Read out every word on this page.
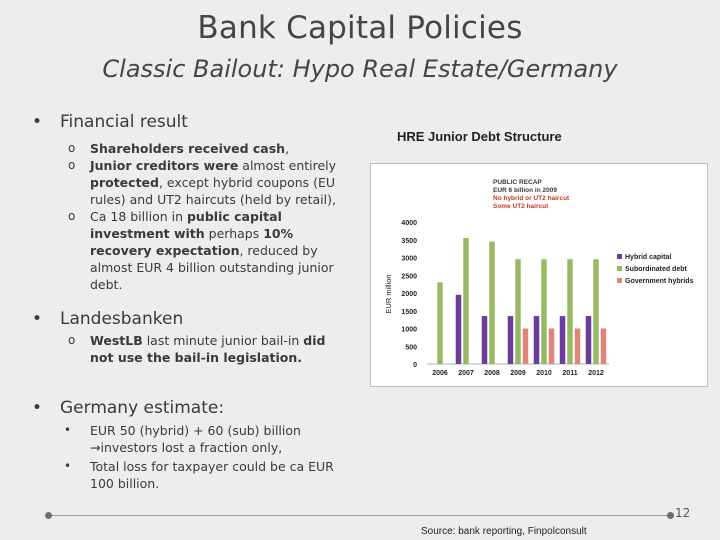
Bank Capital Policies
Classic Bailout: Hypo Real Estate/Germany
• Financial result
o Shareholders received cash,
o Junior creditors were almost entirely protected, except hybrid coupons (EU rules) and UT2 haircuts (held by retail),
o Ca 18 billion in public capital investment with perhaps 10% recovery expectation, reduced by almost EUR 4 billion outstanding junior debt.
• Landesbanken
o WestLB last minute junior bail-in did not use the bail-in legislation.
• Germany estimate:
• EUR 50 (hybrid) + 60 (sub) billion
→investors lost a fraction only,
• Total loss for taxpayer could be ca EUR 100 billion.
HRE Junior Debt Structure
EUR million
0
500
1000
1500
2000
2500
3000
3500
4000
2006 2007 2008 2009 2010 2011 2012
Hybrid capital
Subordinated debt
Government hybrids
PUBLIC RECAP
EUR 6 billion in 2009
No hybrid or UT2 haircut
Some UT2 haircut
12
Source: bank reporting, Finpolconsult
